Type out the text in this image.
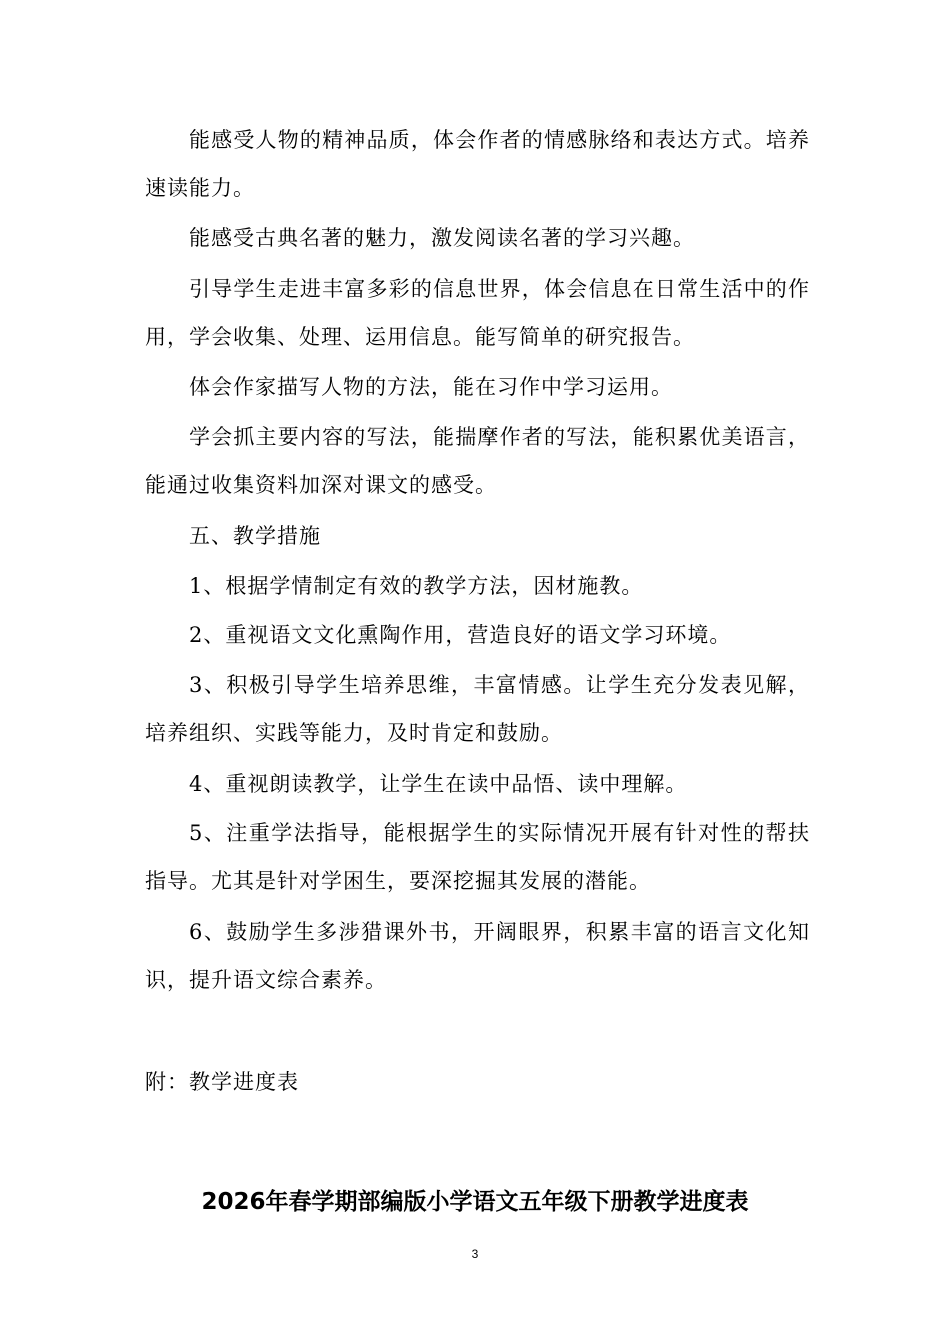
能感受人物的精神品质，体会作者的情感脉络和表达方式。培养速读能力。

能感受古典名著的魅力，激发阅读名著的学习兴趣。

引导学生走进丰富多彩的信息世界，体会信息在日常生活中的作用，学会收集、处理、运用信息。能写简单的研究报告。

体会作家描写人物的方法，能在习作中学习运用。

学会抓主要内容的写法，能揣摩作者的写法，能积累优美语言，能通过收集资料加深对课文的感受。

五、教学措施

1、根据学情制定有效的教学方法，因材施教。

2、重视语文文化熏陶作用，营造良好的语文学习环境。

3、积极引导学生培养思维，丰富情感。让学生充分发表见解，培养组织、实践等能力，及时肯定和鼓励。

4、重视朗读教学，让学生在读中品悟、读中理解。

5、注重学法指导，能根据学生的实际情况开展有针对性的帮扶指导。尤其是针对学困生，要深挖掘其发展的潜能。

6、鼓励学生多涉猎课外书，开阔眼界，积累丰富的语言文化知识，提升语文综合素养。

附：教学进度表

2026年春学期部编版小学语文五年级下册教学进度表
3
